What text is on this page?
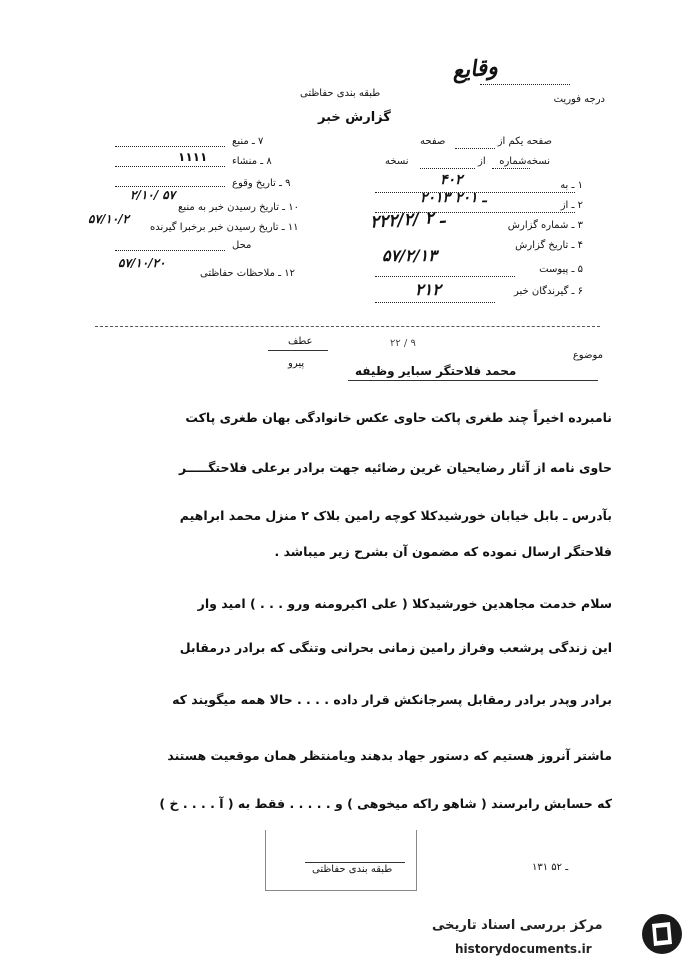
وقایع
درجه فوریت
طبقه بندی حفاظتی
گزارش خبر
صفحه یکم از
صفحه
نسخه‌شماره
از
نسخه
۱ ـ به
۴۰۲
۲ ـ از
۲۰۱۳ ـ ۲۰۱
۳ ـ شماره گزارش
۲۲۲/۲/ ـ ۲
۴ ـ تاریخ گزارش
۵۷/۲/۱۳
۵ ـ پیوست
۶ ـ گیرندگان خبر
۲۱۲
۷ ـ منبع
۱۱۱۱ ۸ ـ منشاء
۹ ـ تاریخ وقوع
۲/۱۰/ ۵۷
۱۰ ـ تاریخ رسیدن خبر به منبع
۵۷/۱۰/۲
۱۱ ـ تاریخ رسیدن خبر برخبرا گیرنده
محل
۵۷/۱۰/۲۰
۱۲ ـ ملاحظات حفاظتی
عطف
پیرو
۲۲ / ۹
موضوع
محمد فلاحتگر سبایر وظیفه
نامبرده اخیراً چند طغری پاکت حاوی عکس خانوادگی بهان طغری پاکت
حاوی نامه از آثار رضایحیان غرین رضائیه جهت برادر برعلی فلاحتگـــــر
بآدرس ـ بابل خیابان خورشیدکلا کوچه رامین بلاک ۲ منزل محمد ابراهیم
فلاحتگر ارسال نموده که مضمون آن بشرح زیر میباشد .
سلام خدمت مجاهدین خورشیدکلا ( علی اکبرومنه ورو . . . ) امید وار
این زندگی پرشعب وفراز رامین زمانی بحرانی وتنگی که برادر درمقابل
برادر وپدر برادر رمقابل پسرجانکش قرار داده . . . . حالا همه میگویند که
ماشتر آنروز هستیم که دستور جهاد بدهند ویامنتظر همان موقعیت هستند
که حسابش رابرسند ( شاهو راکه میخوهی ) و . . . . . فقط به ( آ . . . . خ )
طبقه بندی حفاظتی	۱۳۱ ـ ۵۲
مرکز بررسی اسناد تاریخی
historydocuments.ir
